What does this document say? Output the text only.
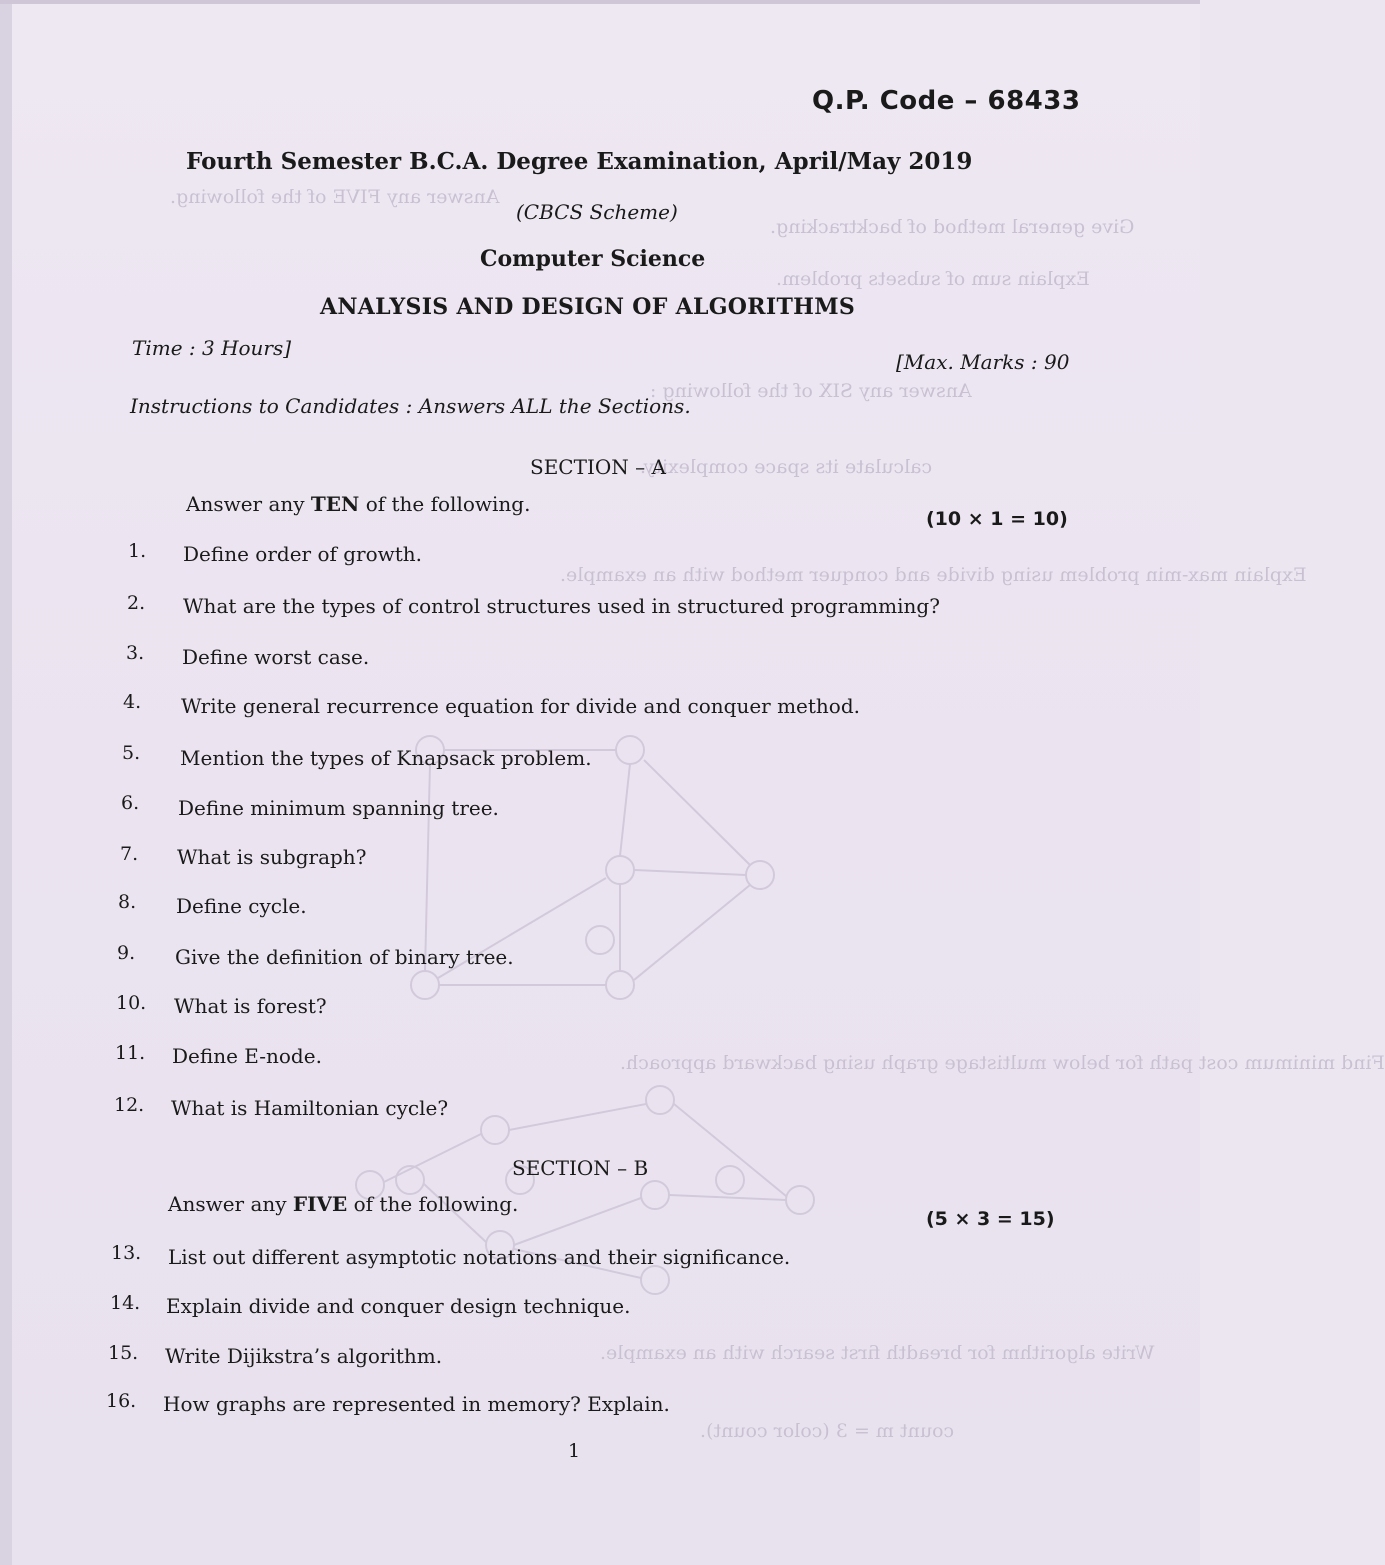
Answer any FIVE of the following.
Give general method of backtracking.
Explain sum of subsets problem.
Answer any SIX of the following :
calculate its space complexity.
Explain max-min problem using divide and conquer method with an example.
Find minimum cost path for below multistage graph using backward approach.
Write algorithm for breadth first search with an example.
count m = 3 (color count).
Q.P. Code – 68433
Fourth Semester B.C.A. Degree Examination, April/May 2019
(CBCS Scheme)
Computer Science
ANALYSIS AND DESIGN OF ALGORITHMS
Time : 3 Hours]
[Max. Marks : 90
Instructions to Candidates : Answers ALL the Sections.
SECTION – A
Answer any TEN of the following.
(10 × 1 = 10)
1. Define order of growth.
2. What are the types of control structures used in structured programming?
3. Define worst case.
4. Write general recurrence equation for divide and conquer method.
5. Mention the types of Knapsack problem.
6. Define minimum spanning tree.
7. What is subgraph?
8. Define cycle.
9. Give the definition of binary tree.
10. What is forest?
11. Define E-node.
12. What is Hamiltonian cycle?
SECTION – B
Answer any FIVE of the following.
(5 × 3 = 15)
13. List out different asymptotic notations and their significance.
14. Explain divide and conquer design technique.
15. Write Dijikstra’s algorithm.
16. How graphs are represented in memory? Explain.
1
